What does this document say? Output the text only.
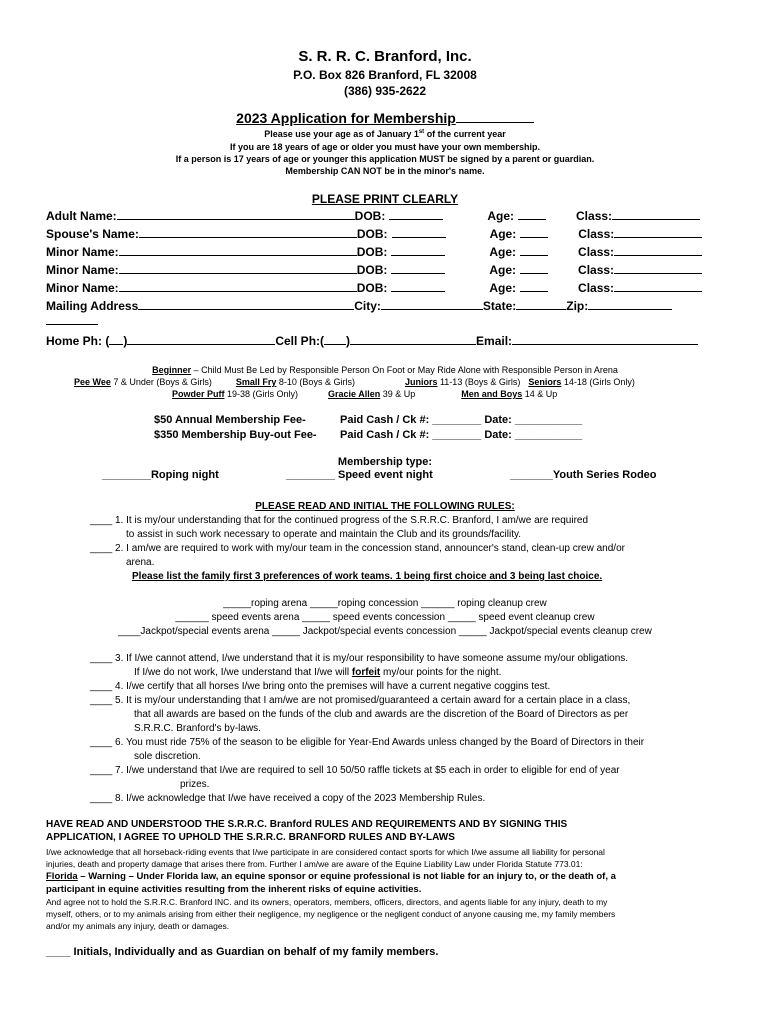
S. R. R. C. Branford, Inc.
P.O. Box 826 Branford, FL 32008
(386) 935-2622
2023 Application for Membership
Please use your age as of January 1st of the current year
If you are 18 years of age or older you must have your own membership.
If a person is 17 years of age or younger this application MUST be signed by a parent or guardian.
Membership CAN NOT be in the minor's name.
PLEASE PRINT CLEARLY
Adult Name:	DOB:	Age:	Class:
Spouse's Name:	DOB:	Age:	Class:
Minor Name:	DOB:	Age:	Class:
Minor Name:	DOB:	Age:	Class:
Minor Name:	DOB:	Age:	Class:
Mailing Address	City:	State:	Zip:
Home Ph: ( )	Cell Ph:( )	Email:
Beginner – Child Must Be Led by Responsible Person On Foot or May Ride Alone with Responsible Person in Arena
Pee Wee 7 & Under (Boys & Girls)	Small Fry 8-10 (Boys & Girls)	Juniors 11-13 (Boys & Girls) Seniors 14-18 (Girls Only)
Powder Puff 19-38 (Girls Only)	Gracie Allen 39 & Up	Men and Boys 14 & Up
$50 Annual Membership Fee-	Paid Cash / Ck #: ________ Date: ___________
$350 Membership Buy-out Fee- Paid Cash / Ck #: ________ Date: ___________
Membership type:
________Roping night	________ Speed event night	_______Youth Series Rodeo
PLEASE READ AND INITIAL THE FOLLOWING RULES:
____ 1. It is my/our understanding that for the continued progress of the S.R.R.C. Branford, I am/we are required
to assist in such work necessary to operate and maintain the Club and its grounds/facility.
____ 2. I am/we are required to work with my/our team in the concession stand, announcer's stand, clean-up crew and/or
arena.
Please list the family first 3 preferences of work teams. 1 being first choice and 3 being last choice.
_____roping arena _____roping concession ______ roping cleanup crew
______ speed events arena _____ speed events concession _____ speed event cleanup crew
____Jackpot/special events arena _____ Jackpot/special events concession _____ Jackpot/special events cleanup crew
____ 3. If I/we cannot attend, I/we understand that it is my/our responsibility to have someone assume my/our obligations.
If I/we do not work, I/we understand that I/we will forfeit my/our points for the night.
____ 4. I/we certify that all horses I/we bring onto the premises will have a current negative coggins test.
____ 5. It is my/our understanding that I am/we are not promised/guaranteed a certain award for a certain place in a class,
that all awards are based on the funds of the club and awards are the discretion of the Board of Directors as per
S.R.R.C. Branford's by-laws.
____ 6. You must ride 75% of the season to be eligible for Year-End Awards unless changed by the Board of Directors in their
sole discretion.
____ 7. I/we understand that I/we are required to sell 10 50/50 raffle tickets at $5 each in order to eligible for end of year
prizes.
____ 8. I/we acknowledge that I/we have received a copy of the 2023 Membership Rules.
HAVE READ AND UNDERSTOOD THE S.R.R.C. Branford RULES AND REQUIREMENTS AND BY SIGNING THIS
APPLICATION, I AGREE TO UPHOLD THE S.R.R.C. BRANFORD RULES AND BY-LAWS
I/we acknowledge that all horseback-riding events that I/we participate in are considered contact sports for which I/we assume all liability for personal
injuries, death and property damage that arises there from. Further I am/we are aware of the Equine Liability Law under Florida Statute 773.01:
Florida – Warning – Under Florida law, an equine sponsor or equine professional is not liable for an injury to, or the death of, a
participant in equine activities resulting from the inherent risks of equine activities.
And agree not to hold the S.R.R.C. Branford INC. and its owners, operators, members, officers, directors, and agents liable for any injury, death to my
myself, others, or to my animals arising from either their negligence, my negligence or the negligent conduct of anyone causing me, my family members
and/or my animals any injury, death or damages.
____ Initials, Individually and as Guardian on behalf of my family members.
